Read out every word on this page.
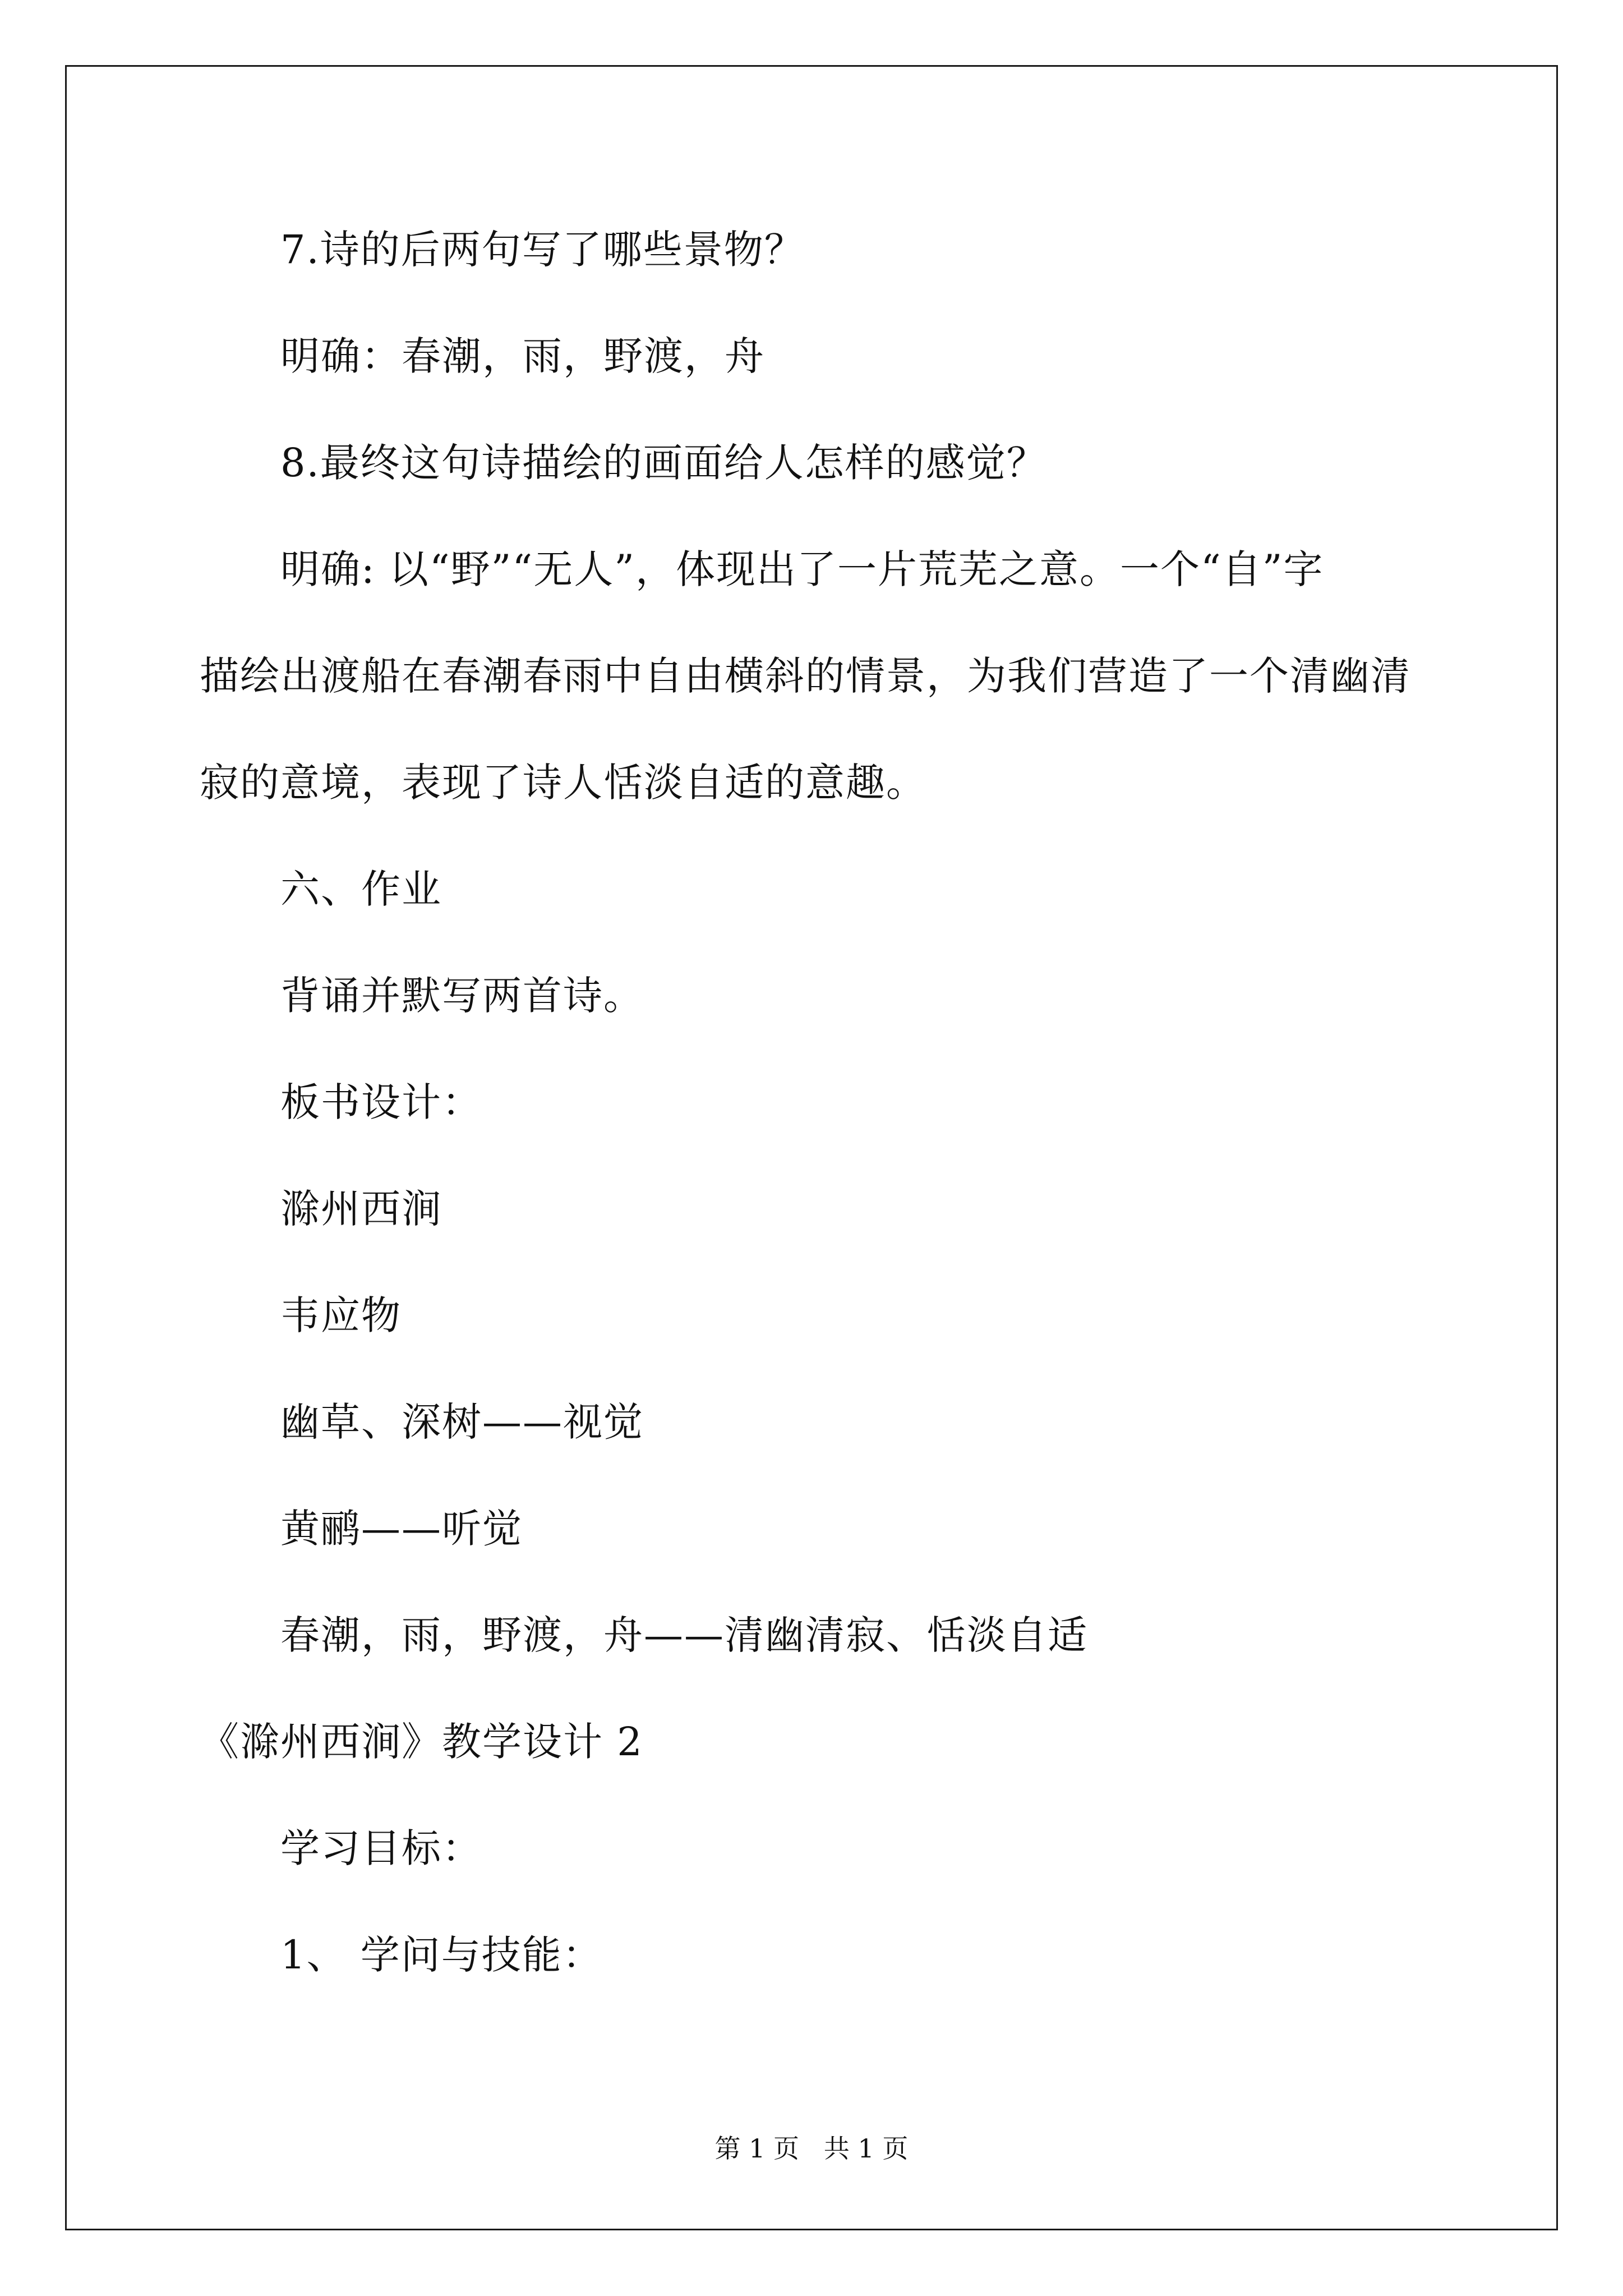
7.诗的后两句写了哪些景物？
明确：春潮，雨，野渡，舟
8.最终这句诗描绘的画面给人怎样的感觉？
明确: 以“野”“无人”，体现出了一片荒芜之意。一个“自”字
描绘出渡船在春潮春雨中自由横斜的情景，为我们营造了一个清幽清
寂的意境，表现了诗人恬淡自适的意趣。
六、作业
背诵并默写两首诗。
板书设计：
滁州西涧
韦应物
幽草、深树——视觉
黄鹂——听觉
春潮，雨，野渡，舟——清幽清寂、恬淡自适
《滁州西涧》教学设计 2
学习目标：
1、 学问与技能：
第 1 页   共 1 页
